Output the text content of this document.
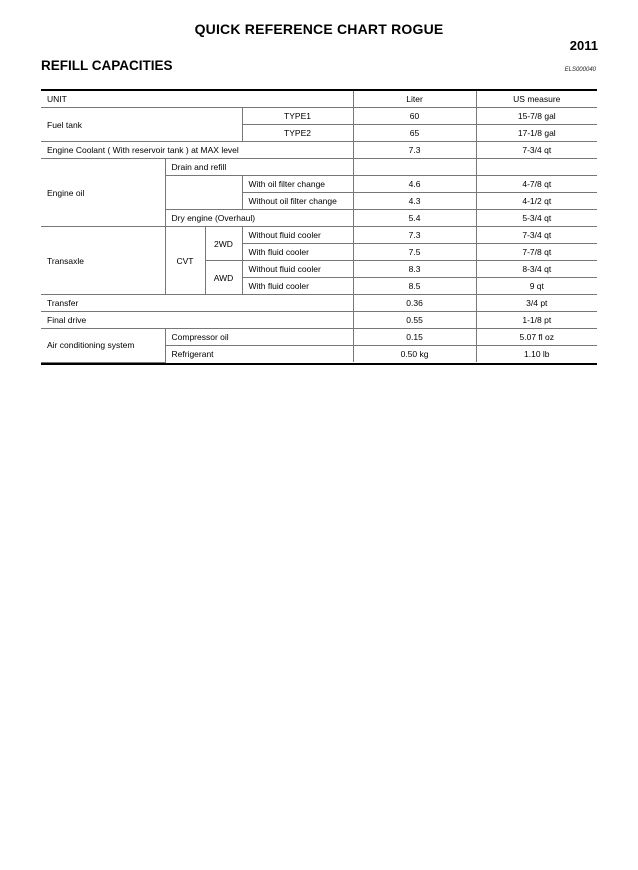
QUICK REFERENCE CHART ROGUE
2011
REFILL CAPACITIES	ELS000040
UNIT				Liter	US measure
Fuel tank			TYPE1	60	15-7/8 gal
			TYPE2	65	17-1/8 gal
Engine Coolant ( With reservoir tank ) at MAX level				7.3	7-3/4 qt
Engine oil	Drain and refill				
			With oil filter change	4.6	4-7/8 qt
			Without oil filter change	4.3	4-1/2 qt
	Dry engine (Overhaul)			5.4	5-3/4 qt
Transaxle	CVT	2WD	Without fluid cooler	7.3	7-3/4 qt
			With fluid cooler	7.5	7-7/8 qt
		AWD	Without fluid cooler	8.3	8-3/4 qt
			With fluid cooler	8.5	9 qt
Transfer				0.36	3/4 pt
Final drive				0.55	1-1/8 pt
Air conditioning system	Compressor oil			0.15	5.07 fl oz
	Refrigerant			0.50 kg	1.10 lb
